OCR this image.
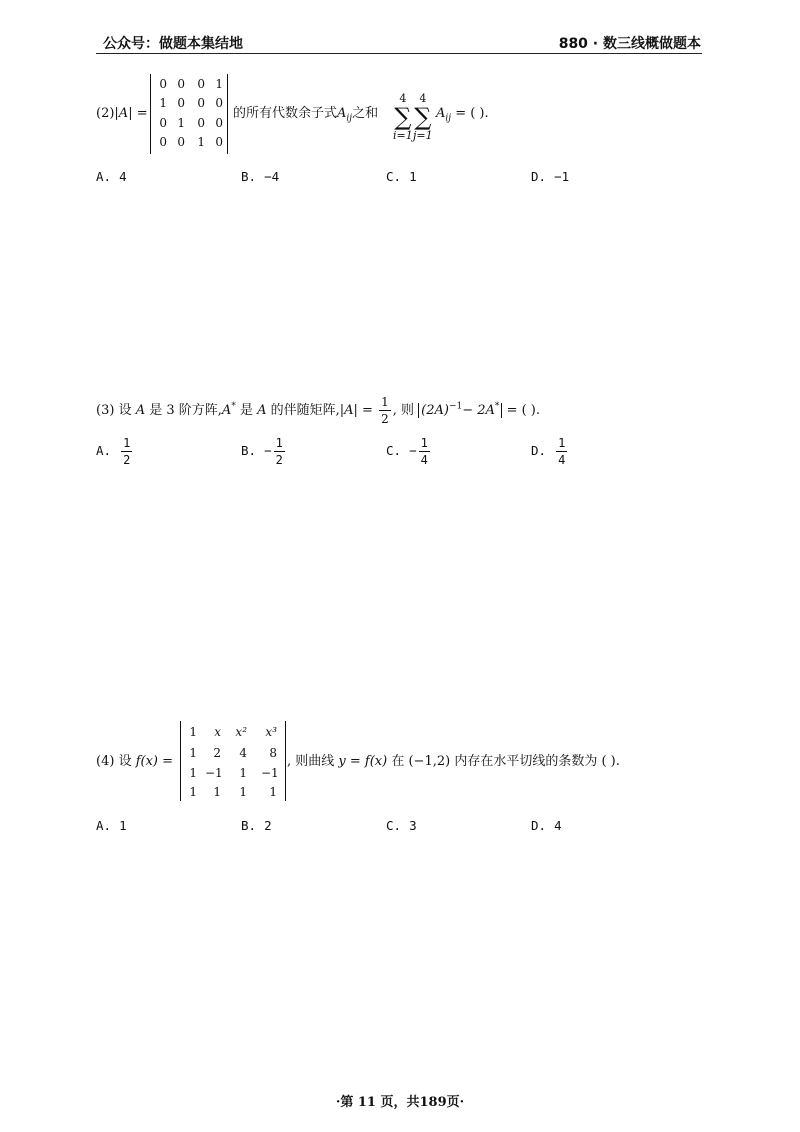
公众号：做题本集结地	880 · 数三线概做题本
(2)|A| =
0 0	0 1
1 0	0 0
0 1	0 0
0 0	1 0
的所有代数余子式$A_{ij}$之和
4
∑
i=1
4
∑
j=1
$A_{ij}$ = ( ).
A. 4	B. −4	C. 1	D. −1
(3) 设 A 是 3 阶方阵,A* 是 A 的伴随矩阵$,|A| = \frac{1}{2}$ , 则 $(2A)^{-1}- 2A^*$ = ( ).
A. $\frac{1}{2}$	B. − $\frac{1}{2}$	C. − $\frac{1}{4}$	D. $\frac{1}{4}$
(4) 设 f(x) =
1	x	x²	x³
1	2	4	8
1 −1	1 −1
1	1	1	1
, 则曲线 y = f(x) 在 (−1,2) 内存在水平切线的条数为 ( ).
A. 1	B. 2	C. 3	D. 4
·第 11 页，共189页·
